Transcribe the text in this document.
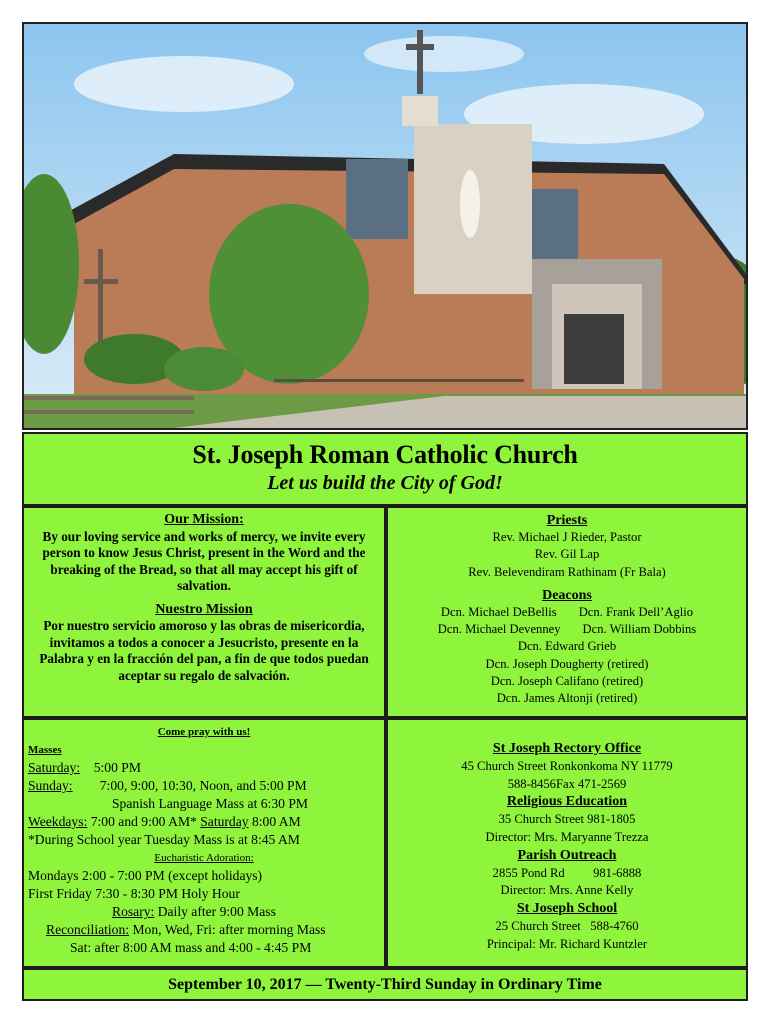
St. Joseph Roman Catholic Church
Let us build the City of God!

Our Mission:

By our loving service and works of mercy, we invite every person to know Jesus Christ, present in the Word and the breaking of the Bread, so that all may accept his gift of salvation.

Nuestro Mission

Por nuestro servicio amoroso y las obras de misericordia, invitamos a todos a conocer a Jesucristo, presente en la Palabra y en la fracción del pan, a fin de que todos puedan aceptar su regalo de salvación.

Priests

Rev. Michael J Rieder, Pastor

Rev. Gil Lap

Rev. Belevendiram Rathinam (Fr Bala)

Deacons

Dcn. Michael DeBellis Dcn. Frank Dell’Aglio
Dcn. Michael Devenney Dcn. William Dobbins

Dcn. Edward Grieb

Dcn. Joseph Dougherty (retired)

Dcn. Joseph Califano (retired)

Dcn. James Altonji (retired)

Come pray with us!

Masses

Saturday: 5:00 PM

Sunday: 7:00, 9:00, 10:30, Noon, and 5:00 PM

Spanish Language Mass at 6:30 PM

Weekdays: 7:00 and 9:00 AM* Saturday 8:00 AM

*During School year Tuesday Mass is at 8:45 AM

Eucharistic Adoration:

Mondays 2:00 - 7:00 PM (except holidays)

First Friday 7:30 - 8:30 PM Holy Hour

Rosary: Daily after 9:00 Mass

Reconciliation: Mon, Wed, Fri: after morning Mass

Sat: after 8:00 AM mass and 4:00 - 4:45 PM

St Joseph Rectory Office

45 Church Street Ronkonkoma NY 11779

588-8456Fax 471-2569

Religious Education

35 Church Street 981-1805

Director: Mrs. Maryanne Trezza

Parish Outreach

2855 Pond Rd         981-6888

Director: Mrs. Anne Kelly

St Joseph School

25 Church Street   588-4760

Principal: Mr. Richard Kuntzler

September 10, 2017 — Twenty-Third Sunday in Ordinary Time
